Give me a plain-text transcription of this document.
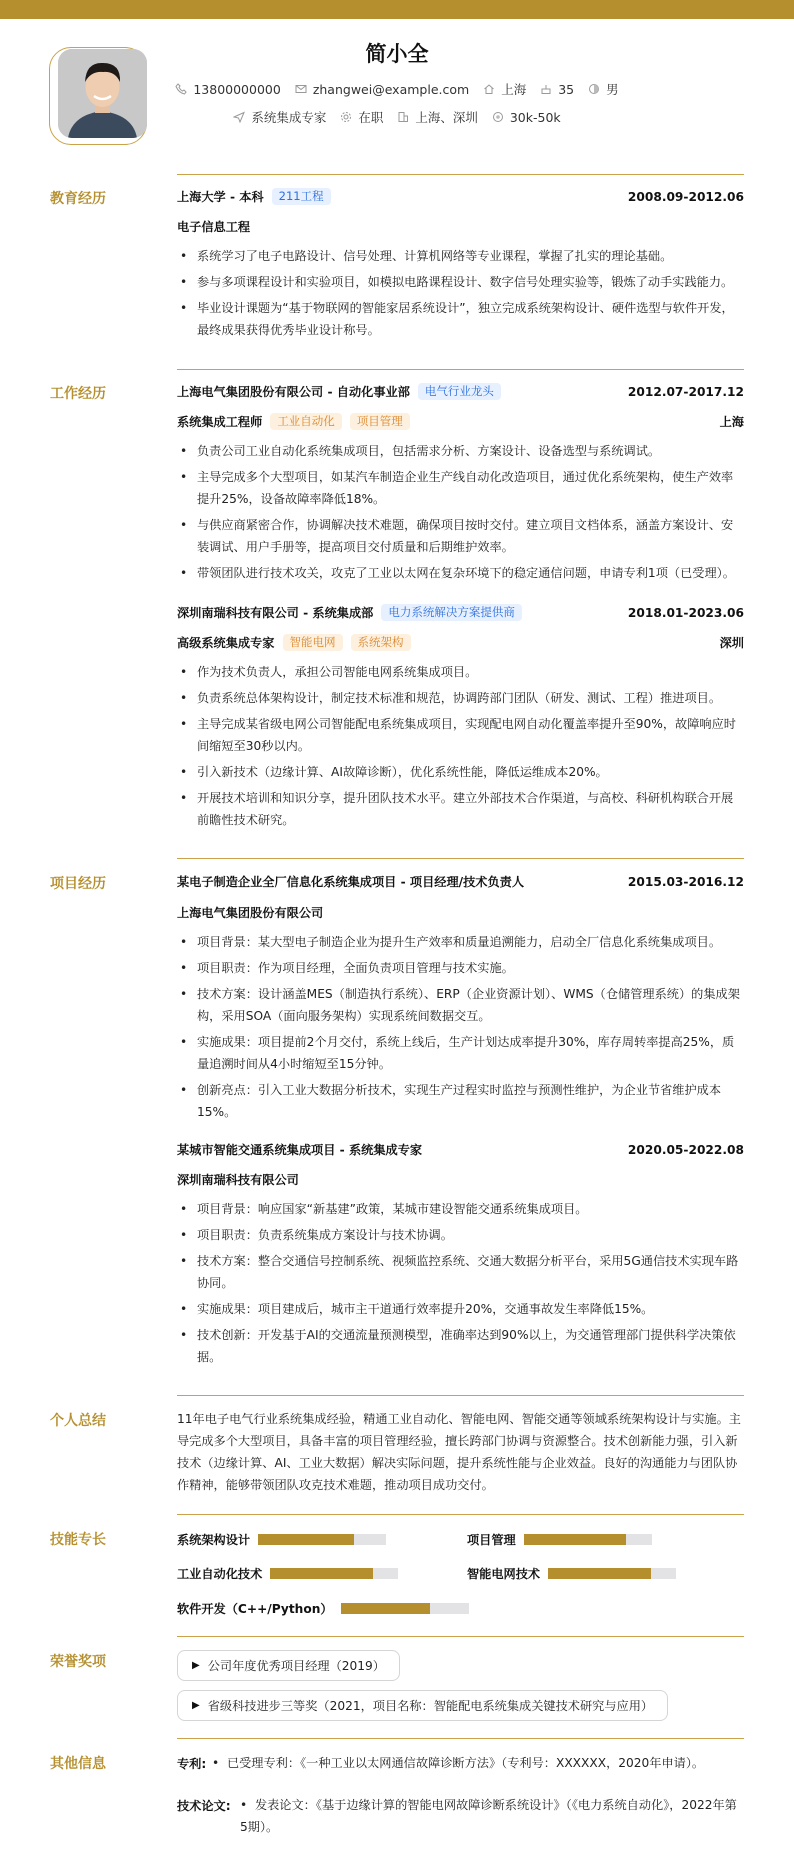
简小全
13800000000	zhangwei@example.com	上海	35	男
系统集成专家	在职	上海、深圳	30k-50k
教育经历	上海大学 - 本科	211工程	2008.09-2012.06
电子信息工程
• 系统学习了电子电路设计、信号处理、计算机网络等专业课程，掌握了扎实的理论基础。
• 参与多项课程设计和实验项目，如模拟电路课程设计、数字信号处理实验等，锻炼了动手实践能力。
• 毕业设计课题为“基于物联网的智能家居系统设计”，独立完成系统架构设计、硬件选型与软件开发，最终成果获得优秀毕业设计称号。
工作经历	上海电气集团股份有限公司 - 自动化事业部	电气行业龙头	2012.07-2017.12
系统集成工程师	工业自动化	项目管理	上海
• 负责公司工业自动化系统集成项目，包括需求分析、方案设计、设备选型与系统调试。
• 主导完成多个大型项目，如某汽车制造企业生产线自动化改造项目，通过优化系统架构，使生产效率提升25%，设备故障率降低18%。
• 与供应商紧密合作，协调解决技术难题，确保项目按时交付。建立项目文档体系，涵盖方案设计、安装调试、用户手册等，提高项目交付质量和后期维护效率。
• 带领团队进行技术攻关，攻克了工业以太网在复杂环境下的稳定通信问题，申请专利1项（已受理）。
深圳南瑞科技有限公司 - 系统集成部	电力系统解决方案提供商	2018.01-2023.06
高级系统集成专家	智能电网	系统架构	深圳
• 作为技术负责人，承担公司智能电网系统集成项目。
• 负责系统总体架构设计，制定技术标准和规范，协调跨部门团队（研发、测试、工程）推进项目。
• 主导完成某省级电网公司智能配电系统集成项目，实现配电网自动化覆盖率提升至90%，故障响应时间缩短至30秒以内。
• 引入新技术（边缘计算、AI故障诊断），优化系统性能，降低运维成本20%。
• 开展技术培训和知识分享，提升团队技术水平。建立外部技术合作渠道，与高校、科研机构联合开展前瞻性技术研究。
项目经历	某电子制造企业全厂信息化系统集成项目 - 项目经理/技术负责人	2015.03-2016.12
上海电气集团股份有限公司
• 项目背景：某大型电子制造企业为提升生产效率和质量追溯能力，启动全厂信息化系统集成项目。
• 项目职责：作为项目经理，全面负责项目管理与技术实施。
• 技术方案：设计涵盖MES（制造执行系统）、ERP（企业资源计划）、WMS（仓储管理系统）的集成架构，采用SOA（面向服务架构）实现系统间数据交互。
• 实施成果：项目提前2个月交付，系统上线后，生产计划达成率提升30%，库存周转率提高25%，质量追溯时间从4小时缩短至15分钟。
• 创新亮点：引入工业大数据分析技术，实现生产过程实时监控与预测性维护，为企业节省维护成本15%。
某城市智能交通系统集成项目 - 系统集成专家	2020.05-2022.08
深圳南瑞科技有限公司
• 项目背景：响应国家“新基建”政策，某城市建设智能交通系统集成项目。
• 项目职责：负责系统集成方案设计与技术协调。
• 技术方案：整合交通信号控制系统、视频监控系统、交通大数据分析平台，采用5G通信技术实现车路协同。
• 实施成果：项目建成后，城市主干道通行效率提升20%，交通事故发生率降低15%。
• 技术创新：开发基于AI的交通流量预测模型，准确率达到90%以上，为交通管理部门提供科学决策依据。
个人总结	11年电子电气行业系统集成经验，精通工业自动化、智能电网、智能交通等领域系统架构设计与实施。主导完成多个大型项目，具备丰富的项目管理经验，擅长跨部门协调与资源整合。技术创新能力强，引入新技术（边缘计算、AI、工业大数据）解决实际问题，提升系统性能与企业效益。良好的沟通能力与团队协作精神，能够带领团队攻克技术难题，推动项目成功交付。
技能专长	系统架构设计	项目管理
工业自动化技术	智能电网技术
软件开发（C++/Python）
荣誉奖项	▶ 公司年度优秀项目经理（2019）
▶ 省级科技进步三等奖（2021，项目名称：智能配电系统集成关键技术研究与应用）
其他信息	专利: •  已受理专利：《一种工业以太网通信故障诊断方法》（专利号：XXXXXX，2020年申请）。
技术论文: •  发表论文：《基于边缘计算的智能电网故障诊断系统设计》（《电力系统自动化》，2022年第5期）。
